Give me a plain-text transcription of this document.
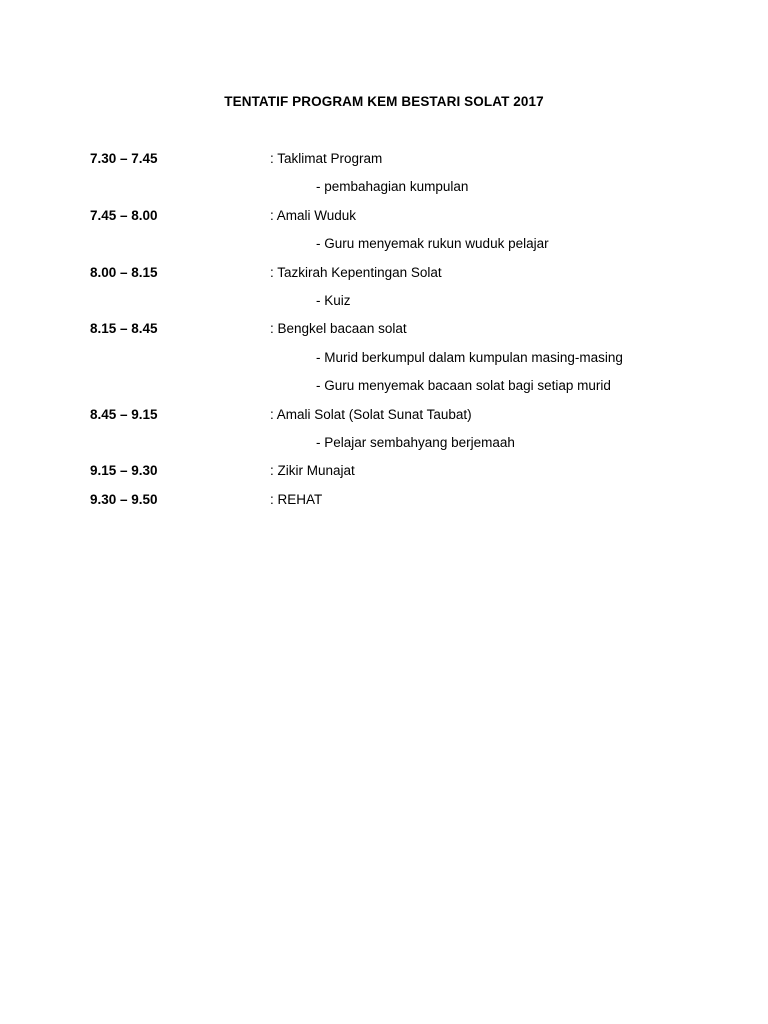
TENTATIF PROGRAM KEM BESTARI SOLAT 2017
7.30 – 7.45	: Taklimat Program
- pembahagian kumpulan
7.45 – 8.00	: Amali Wuduk
- Guru menyemak rukun wuduk pelajar
8.00 – 8.15	: Tazkirah Kepentingan Solat
- Kuiz
8.15 – 8.45	: Bengkel bacaan solat
- Murid berkumpul dalam kumpulan masing-masing
- Guru menyemak bacaan solat bagi setiap murid
8.45 – 9.15	: Amali Solat (Solat Sunat Taubat)
- Pelajar sembahyang berjemaah
9.15 – 9.30	: Zikir Munajat
9.30 – 9.50	: REHAT
